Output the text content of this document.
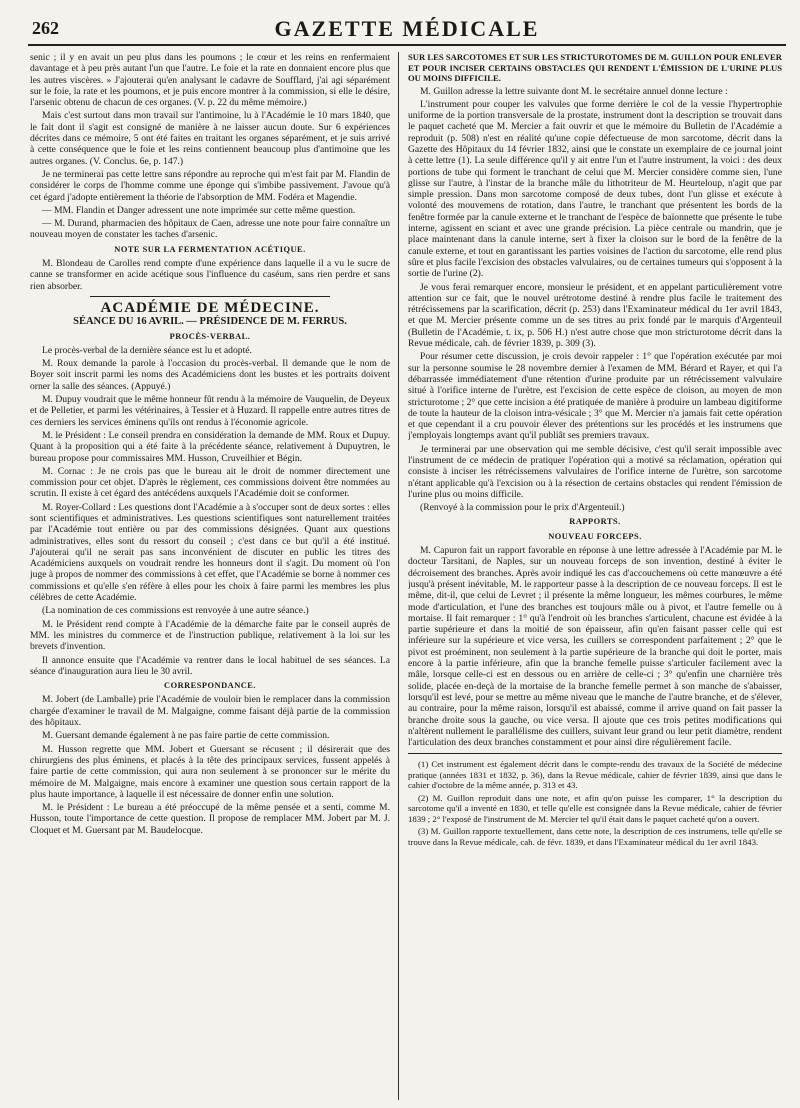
262	GAZETTE MÉDICALE

senic ; il y en avait un peu plus dans les poumons ; le cœur et les reins en renfermaient davantage et à peu près autant l'un que l'autre. Le foie et la rate en donnaient encore plus que les autres viscères. » J'ajouterai qu'en analysant le cadavre de Soufflard, j'ai agi séparément sur le foie, la rate et les poumons, et je puis encore montrer à la commission, si elle le désire, l'arsenic obtenu de chacun de ces organes. (V. p. 22 du même mémoire.)

Mais c'est surtout dans mon travail sur l'antimoine, lu à l'Académie le 10 mars 1840, que le fait dont il s'agit est consigné de manière à ne laisser aucun doute. Sur 6 expériences décrites dans ce mémoire, 5 ont été faites en traitant les organes séparément, et je suis arrivé à cette conséquence que le foie et les reins contiennent beaucoup plus d'antimoine que les autres organes. (V. Conclus. 6e, p. 147.)

Je ne terminerai pas cette lettre sans répondre au reproche qui m'est fait par M. Flandin de considérer le corps de l'homme comme une éponge qui s'imbibe passivement. J'avoue qu'à cet égard j'adopte entièrement la théorie de l'absorption de MM. Fodéra et Magendie.

— MM. Flandin et Danger adressent une note imprimée sur cette même question.

— M. Durand, pharmacien des hôpitaux de Caen, adresse une note pour faire connaître un nouveau moyen de constater les taches d'arsenic.

NOTE SUR LA FERMENTATION ACÉTIQUE.

M. Blondeau de Carolles rend compte d'une expérience dans laquelle il a vu le sucre de canne se transformer en acide acétique sous l'influence du caséum, sans rien perdre et sans rien absorber.

ACADÉMIE DE MÉDECINE.
SÉANCE DU 16 AVRIL. — PRÉSIDENCE DE M. FERRUS.
PROCÈS-VERBAL.

Le procès-verbal de la dernière séance est lu et adopté.

M. Roux demande la parole à l'occasion du procès-verbal. Il demande que le nom de Boyer soit inscrit parmi les noms des Académiciens dont les bustes et les portraits doivent orner la salle des séances. (Appuyé.)

M. Dupuy voudrait que le même honneur fût rendu à la mémoire de Vauquelin, de Deyeux et de Pelletier, et parmi les vétérinaires, à Tessier et à Huzard. Il rappelle entre autres titres de ces derniers les services éminens qu'ils ont rendus à l'économie agricole.

M. le Président : Le conseil prendra en considération la demande de MM. Roux et Dupuy. Quant à la proposition qui a été faite à la précédente séance, relativement à Dupuytren, le bureau propose pour commissaires MM. Husson, Cruveilhier et Bégin.

M. Cornac : Je ne crois pas que le bureau ait le droit de nommer directement une commission pour cet objet. D'après le règlement, ces commissions doivent être nommées au scrutin. Il existe à cet égard des antécédens auxquels l'Académie doit se conformer.

M. Royer-Collard : Les questions dont l'Académie a à s'occuper sont de deux sortes : elles sont scientifiques et administratives. Les questions scientifiques sont naturellement traitées par l'Académie tout entière ou par des commissions désignées. Quant aux questions administratives, elles sont du ressort du conseil ; c'est dans ce but qu'il a été institué. J'ajouterai qu'il ne serait pas sans inconvénient de discuter en public les titres des Académiciens auxquels on voudrait rendre les honneurs dont il s'agit. Du moment où l'on juge à propos de nommer des commissions à cet effet, que l'Académie se borne à nommer ces commissions et qu'elle s'en réfère à elles pour les choix à faire parmi les membres les plus célèbres de cette Académie.

(La nomination de ces commissions est renvoyée à une autre séance.)

M. le Président rend compte à l'Académie de la démarche faite par le conseil auprès de MM. les ministres du commerce et de l'instruction publique, relativement à la loi sur les brevets d'invention.

Il annonce ensuite que l'Académie va rentrer dans le local habituel de ses séances. La séance d'inauguration aura lieu le 30 avril.

CORRESPONDANCE.

M. Jobert (de Lamballe) prie l'Académie de vouloir bien le remplacer dans la commission chargée d'examiner le travail de M. Malgaigne, comme faisant déjà partie de la commission des hôpitaux.

M. Guersant demande également à ne pas faire partie de cette commission.

M. Husson regrette que MM. Jobert et Guersant se récusent ; il désirerait que des chirurgiens des plus éminens, et placés à la tête des principaux services, fussent appelés à faire partie de cette commission, qui aura non seulement à se prononcer sur le mérite du mémoire de M. Malgaigne, mais encore à examiner une question sous certain rapport de la plus haute importance, à laquelle il est nécessaire de donner enfin une solution.

M. le Président : Le bureau a été préoccupé de la même pensée et a senti, comme M. Husson, toute l'importance de cette question. Il propose de remplacer MM. Jobert par M. J. Cloquet et M. Guersant par M. Baudelocque.

SUR LES SARCOTOMES ET SUR LES STRICTUROTOMES DE M. GUILLON POUR ENLEVER ET POUR INCISER CERTAINS OBSTACLES QUI RENDENT L'ÉMISSION DE L'URINE PLUS OU MOINS DIFFICILE.

M. Guillon adresse la lettre suivante dont M. le secrétaire annuel donne lecture :

L'instrument pour couper les valvules que forme derrière le col de la vessie l'hypertrophie uniforme de la portion transversale de la prostate, instrument dont la description se trouvait dans le paquet cacheté que M. Mercier a fait ouvrir et que le mémoire du Bulletin de l'Académie a reproduit (p. 508) n'est en réalité qu'une copie défectueuse de mon sarcotome, décrit dans la Gazette des Hôpitaux du 14 février 1832, ainsi que le constate un exemplaire de ce journal joint à cette lettre (1). La seule différence qu'il y ait entre l'un et l'autre instrument, la voici : des deux portions de tube qui forment le tranchant de celui que M. Mercier considère comme sien, l'une glisse sur l'autre, à l'instar de la branche mâle du lithotriteur de M. Heurteloup, n'agit que par simple pression. Dans mon sarcotome composé de deux tubes, dont l'un glisse et exécute à volonté des mouvemens de rotation, dans l'autre, le tranchant que présentent les bords de la fenêtre formée par la canule externe et le tranchant de l'espèce de baïonnette que présente le tube interne, agissent en sciant et avec une grande précision. La pièce centrale ou mandrin, que je place maintenant dans la canule interne, sert à fixer la cloison sur le bord de la fenêtre de la canule externe, et tout en garantissant les parties voisines de l'action du sarcotome, elle rend plus sûre et plus facile l'excision des obstacles valvulaires, ou de certaines tumeurs qui s'opposent à la sortie de l'urine (2).

Je vous ferai remarquer encore, monsieur le président, et en appelant particulièrement votre attention sur ce fait, que le nouvel urétrotome destiné à rendre plus facile le traitement des rétrécissemens par la scarification, décrit (p. 253) dans l'Examinateur médical du 1er avril 1843, et que M. Mercier présente comme un de ses titres au prix fondé par le marquis d'Argenteuil (Bulletin de l'Académie, t. ix, p. 506 H.) n'est autre chose que mon stricturotome décrit dans la Revue médicale, cah. de février 1839, p. 309 (3).

Pour résumer cette discussion, je crois devoir rappeler : 1° que l'opération exécutée par moi sur la personne soumise le 28 novembre dernier à l'examen de MM. Bérard et Rayer, et qui l'a débarrassée immédiatement d'une rétention d'urine produite par un rétrécissement valvulaire situé à l'orifice interne de l'urètre, est l'excision de cette espèce de cloison, au moyen de mon stricturotome ; 2° que cette incision a été pratiquée de manière à produire un lambeau digitiforme de toute la hauteur de la cloison intra-vésicale ; 3° que M. Mercier n'a jamais fait cette opération et que cependant il a cru pouvoir élever des prétentions sur les procédés et les instrumens que j'employais longtemps avant qu'il publiât ses premiers travaux.

Je terminerai par une observation qui me semble décisive, c'est qu'il serait impossible avec l'instrument de ce médecin de pratiquer l'opération qui a motivé sa réclamation, opération qui consiste à inciser les rétrécissemens valvulaires de l'orifice interne de l'urètre, son sarcotome n'étant applicable qu'à l'excision ou à la résection de certains obstacles qui rendent l'émission de l'urine plus ou moins difficile.

(Renvoyé à la commission pour le prix d'Argenteuil.)

RAPPORTS.
NOUVEAU FORCEPS.

M. Capuron fait un rapport favorable en réponse à une lettre adressée à l'Académie par M. le docteur Tarsitani, de Naples, sur un nouveau forceps de son invention, destiné à éviter le décroisement des branches. Après avoir indiqué les cas d'accouchemens où cette manœuvre a été jusqu'à présent inévitable, M. le rapporteur passe à la description de ce nouveau forceps. Il est le même, dit-il, que celui de Levret ; il présente la même longueur, les mêmes courbures, le même mode d'articulation, et l'une des branches est toujours mâle ou à pivot, et l'autre femelle ou à mortaise. Il fait remarquer : 1° qu'à l'endroit où les branches s'articulent, chacune est évidée à la partie supérieure et dans la moitié de son épaisseur, afin qu'en faisant passer celle qui est inférieure sur la supérieure et vice versa, les cuillers se correspondent parfaitement ; 2° que le pivot est proéminent, non seulement à la partie supérieure de la branche qui doit le porter, mais encore à la partie inférieure, afin que la branche femelle puisse s'articuler facilement avec la mâle, lorsque celle-ci est en dessous ou en arrière de celle-ci ; 3° qu'enfin une charnière très solide, placée en-deçà de la mortaise de la branche femelle permet à son manche de s'abaisser, lorsqu'il est levé, pour se mettre au même niveau que le manche de l'autre branche, et de s'élever, au contraire, pour la même raison, lorsqu'il est abaissé, comme il arrive quand on fait passer la branche droite sous la gauche, ou vice versa. Il ajoute que ces trois petites modifications qui n'altèrent nullement le parallélisme des cuillers, suivant leur grand ou leur petit diamètre, rendent l'articulation des deux branches constamment et pour ainsi dire régulièrement facile.

(1) Cet instrument est également décrit dans le compte-rendu des travaux de la Société de médecine pratique (années 1831 et 1832, p. 36), dans la Revue médicale, cahier de février 1839, ainsi que dans le cahier d'octobre de la même année, p. 313 et 43.

(2) M. Guillon reproduit dans une note, et afin qu'on puisse les comparer, 1° la description du sarcotome qu'il a inventé en 1830, et telle qu'elle est consignée dans la Revue médicale, cahier de février 1839 ; 2° l'exposé de l'instrument de M. Mercier tel qu'il était dans le paquet cacheté qu'on a ouvert.

(3) M. Guillon rapporte textuellement, dans cette note, la description de ces instrumens, telle qu'elle se trouve dans la Revue médicale, cah. de févr. 1839, et dans l'Examinateur médical du 1er avril 1843.
